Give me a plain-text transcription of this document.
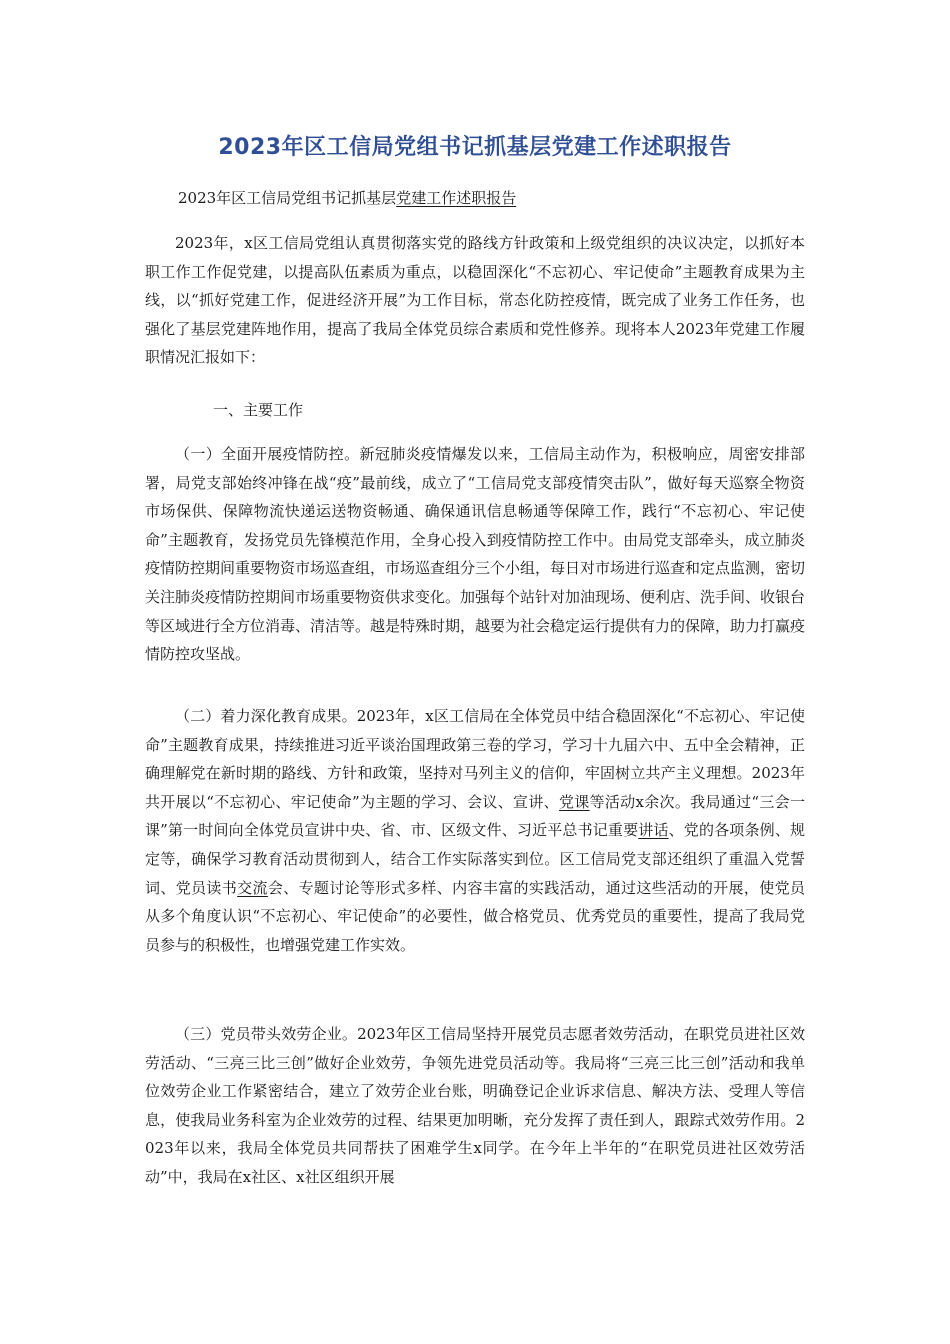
2023年区工信局党组书记抓基层党建工作述职报告

2023年区工信局党组书记抓基层党建工作述职报告

2023年，x区工信局党组认真贯彻落实党的路线方针政策和上级党组织的决议决定，以抓好本职工作工作促党建，以提高队伍素质为重点，以稳固深化“不忘初心、牢记使命”主题教育成果为主线，以“抓好党建工作，促进经济开展”为工作目标，常态化防控疫情，既完成了业务工作任务，也强化了基层党建阵地作用，提高了我局全体党员综合素质和党性修养。现将本人2023年党建工作履职情况汇报如下：

一、主要工作

（一）全面开展疫情防控。新冠肺炎疫情爆发以来，工信局主动作为，积极响应，周密安排部署，局党支部始终冲锋在战“疫”最前线，成立了“工信局党支部疫情突击队”，做好每天巡察全物资市场保供、保障物流快递运送物资畅通、确保通讯信息畅通等保障工作，践行“不忘初心、牢记使命”主题教育，发扬党员先锋模范作用，全身心投入到疫情防控工作中。由局党支部牵头，成立肺炎疫情防控期间重要物资市场巡查组，市场巡查组分三个小组，每日对市场进行巡查和定点监测，密切关注肺炎疫情防控期间市场重要物资供求变化。加强每个站针对加油现场、便利店、洗手间、收银台等区域进行全方位消毒、清洁等。越是特殊时期，越要为社会稳定运行提供有力的保障，助力打赢疫情防控攻坚战。

（二）着力深化教育成果。2023年，x区工信局在全体党员中结合稳固深化“不忘初心、牢记使命”主题教育成果，持续推进习近平谈治国理政第三卷的学习，学习十九届六中、五中全会精神，正确理解党在新时期的路线、方针和政策，坚持对马列主义的信仰，牢固树立共产主义理想。2023年共开展以“不忘初心、牢记使命”为主题的学习、会议、宣讲、党课等活动x余次。我局通过“三会一课”第一时间向全体党员宣讲中央、省、市、区级文件、习近平总书记重要讲话、党的各项条例、规定等，确保学习教育活动贯彻到人，结合工作实际落实到位。区工信局党支部还组织了重温入党誓词、党员读书交流会、专题讨论等形式多样、内容丰富的实践活动，通过这些活动的开展，使党员从多个角度认识“不忘初心、牢记使命”的必要性，做合格党员、优秀党员的重要性，提高了我局党员参与的积极性，也增强党建工作实效。

（三）党员带头效劳企业。2023年区工信局坚持开展党员志愿者效劳活动，在职党员进社区效劳活动、“三亮三比三创”做好企业效劳，争领先进党员活动等。我局将“三亮三比三创”活动和我单位效劳企业工作紧密结合，建立了效劳企业台账，明确登记企业诉求信息、解决方法、受理人等信息，使我局业务科室为企业效劳的过程、结果更加明晰，充分发挥了责任到人，跟踪式效劳作用。2023年以来，我局全体党员共同帮扶了困难学生x同学。在今年上半年的“在职党员进社区效劳活动”中，我局在x社区、x社区组织开展
